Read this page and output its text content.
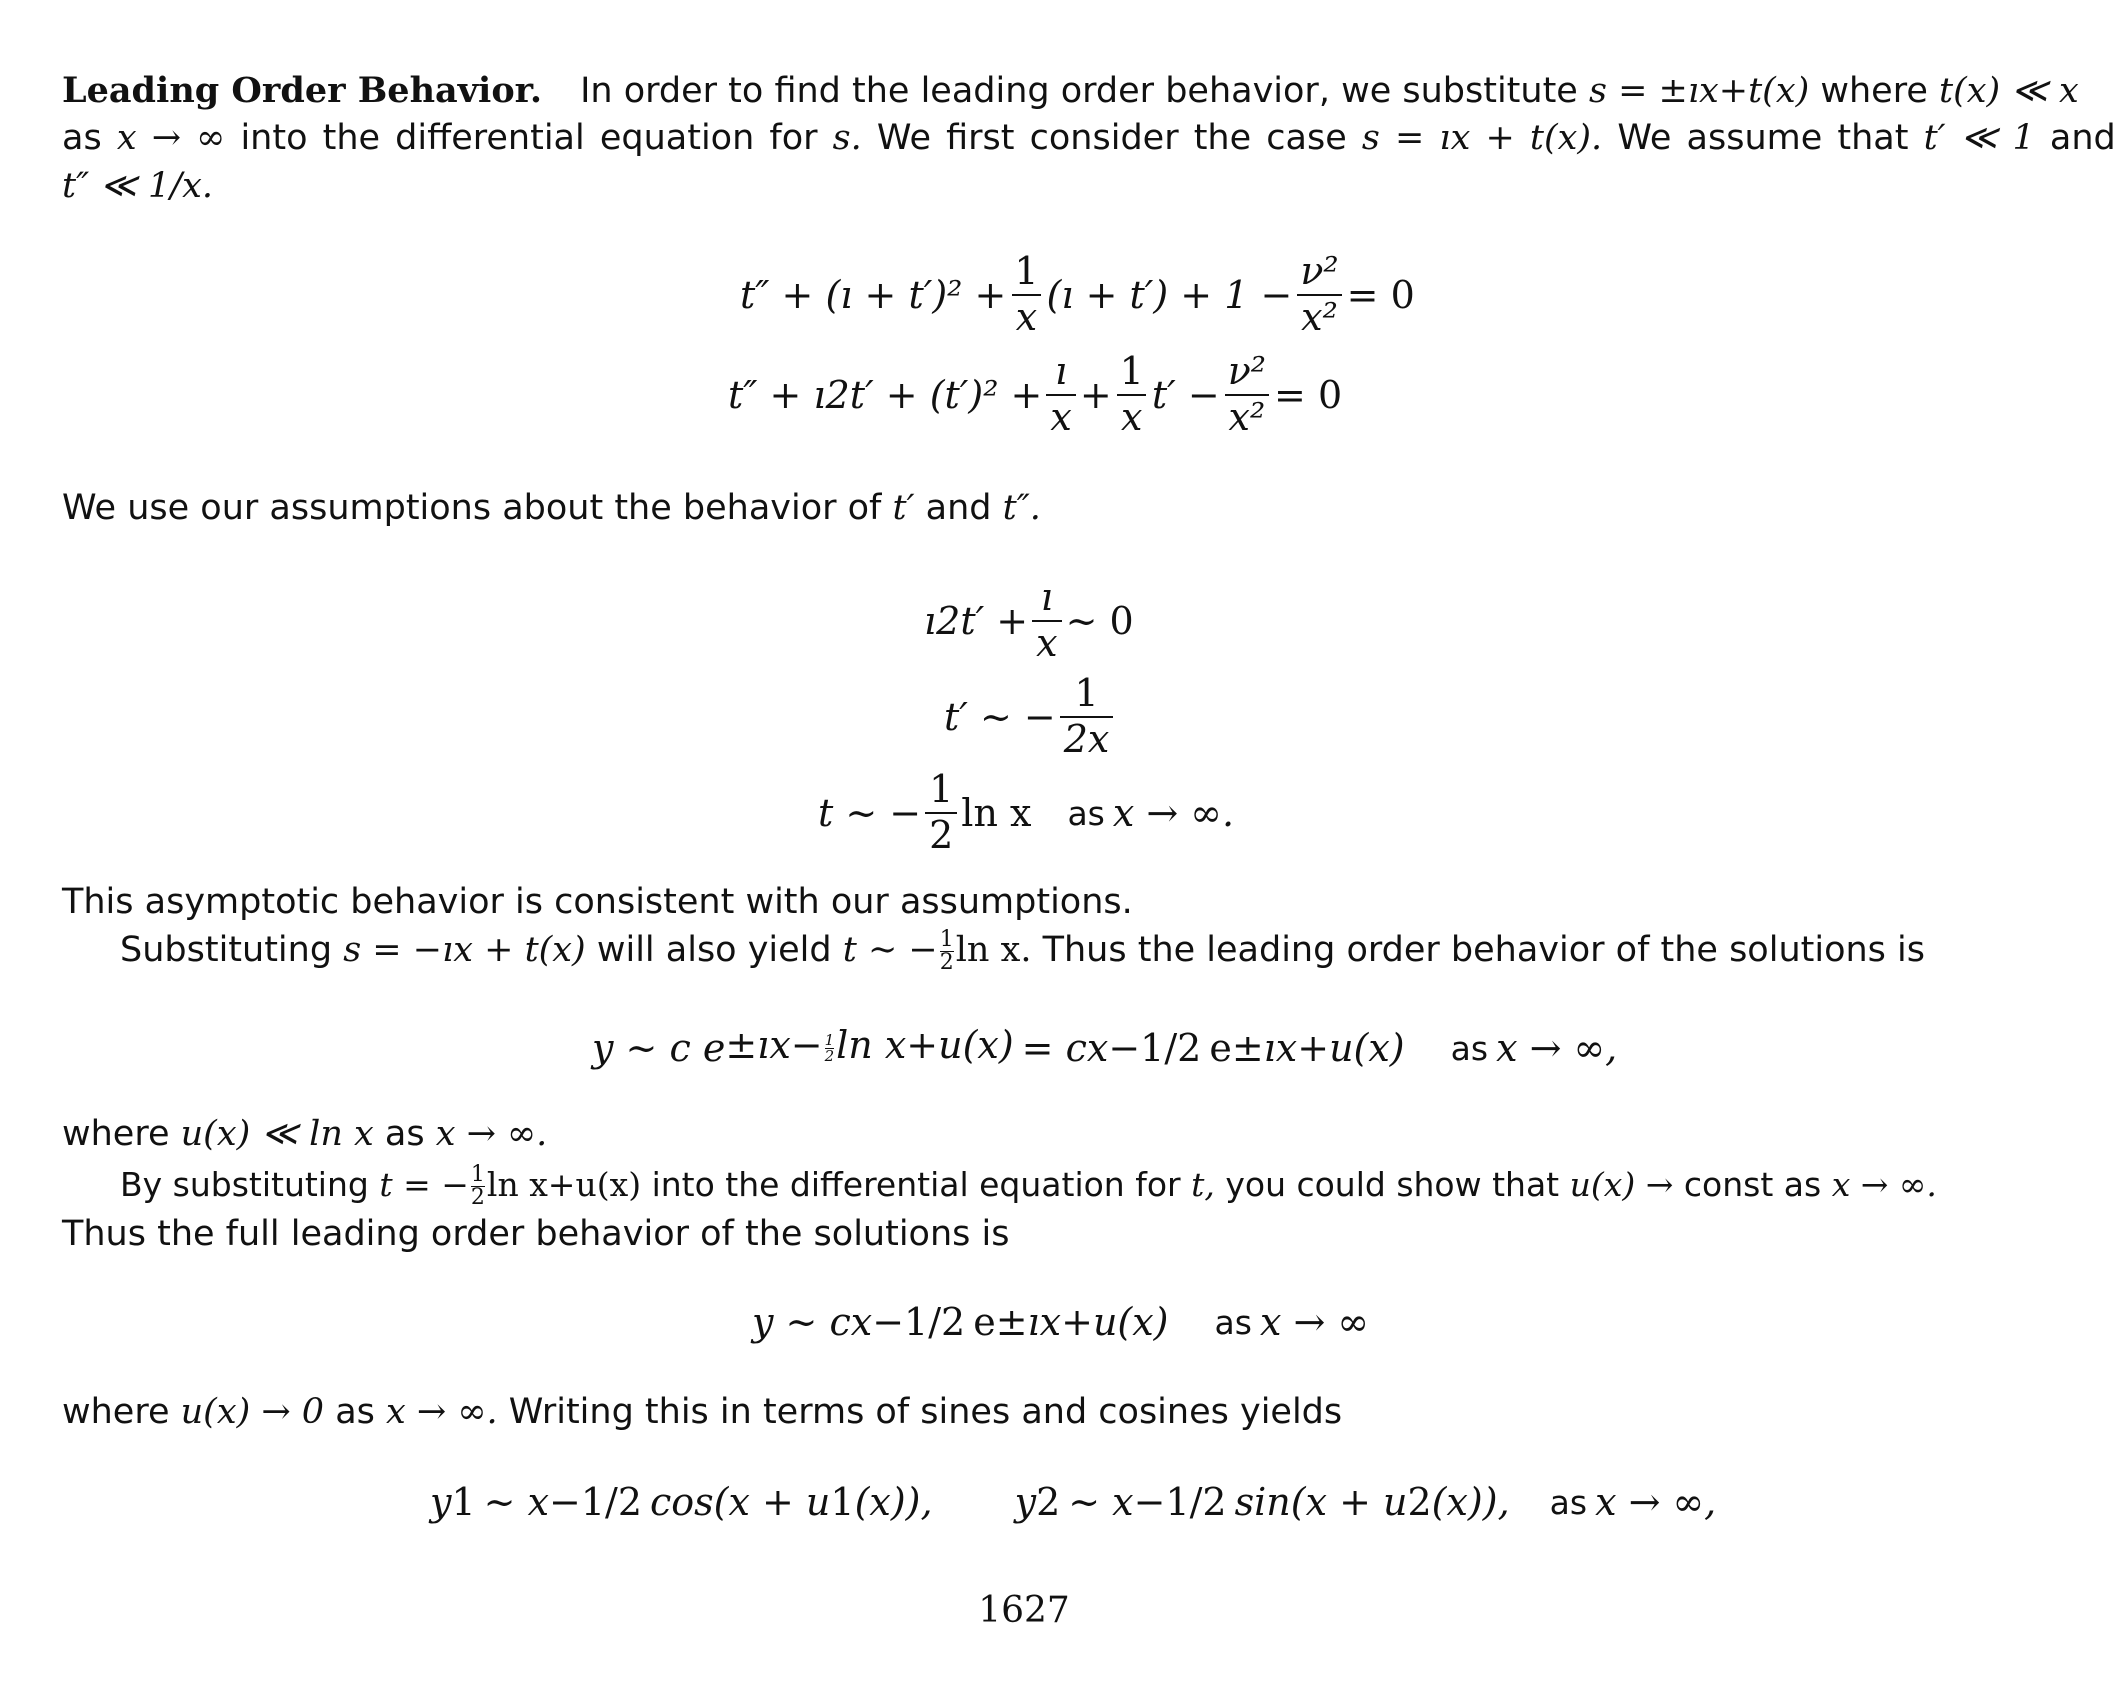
Leading Order Behavior. In order to find the leading order behavior, we substitute s = ±ıx+t(x) where t(x) ≪ x
as x → ∞ into the differential equation for s. We first consider the case s = ıx + t(x). We assume that t′ ≪ 1 and
t″ ≪ 1/x.
t″ + (ı + $t')^2 + \frac{1}{x}$ (ı + $t') + 1 - \frac{\text{ν²}}{\text{x²}} = 0$
t″ + ı2t′ + $(t')^2 + \frac{ı}{x} + \frac{1}{x} t' - \frac{\text{ν²}}{\text{x²}} = 0$
We use our assumptions about the behavior of t′ and t″.
ı2t′ + $\frac{ı}{x}$ ∼ 0
t′ ∼ − $\frac{1}{2x}$
t ∼ − $\frac{1}{2}$ ln x as x → ∞.
This asymptotic behavior is consistent with our assumptions.
Substituting s = −ıx + t(x) will also yield t ∼ − $\frac{1}{2}$ ln x. Thus the leading order behavior of the solutions is
y ∼ c e ±ıx− $\frac{1}{2}$ ln x+u(x) = cx −1/2 e ±ıx+u(x) as x → ∞,
where u(x) ≪ ln x as x → ∞.
By substituting t = − $\frac{1}{2}$ ln x+u(x) into the differential equation for t, you could show that u(x) → const as x → ∞.
Thus the full leading order behavior of the solutions is
y ∼ cx −1/2 e ±ıx+u(x) as x → ∞
where u(x) → 0 as x → ∞. Writing this in terms of sines and cosines yields
y 1 ∼ x −1/2 cos(x + u 1 (x)), y 2 ∼ x −1/2 sin(x + u 2 (x)), as x → ∞,
1627
